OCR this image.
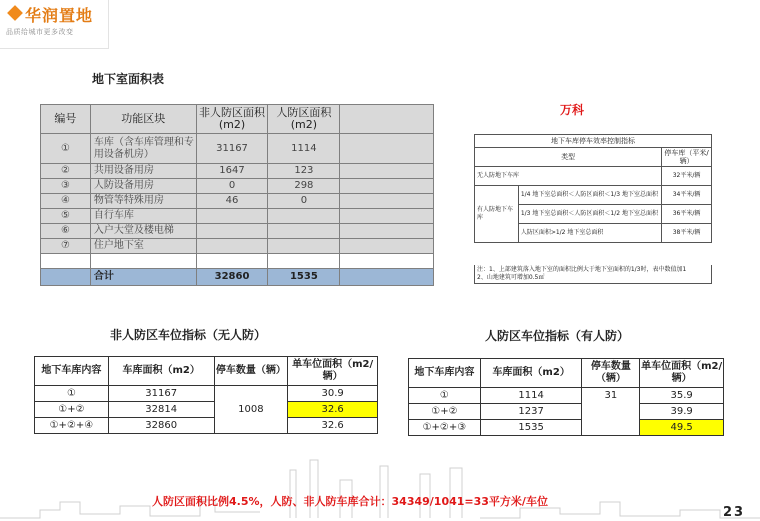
华润置地
品质给城市更多改变
地下室面积表
编号	功能区块	非人防区面积(m2)	人防区面积(m2)	
①	车库（含车库管理和专用设备机房）	31167	1114	
②	共用设备用房	1647	123	
③	人防设备用房	0	298	
④	物管等特殊用房	46	0	
⑤	自行车库			
⑥	入户大堂及楼电梯			
⑦	住户地下室			

	合计	32860	1535	
万科
地下车库停车效率控制指标		
类型		停车库（平米/辆）
无人防地下车库		32平米/辆
有人防地下车库	1/4 地下室总面积＜人防区面积＜1/3 地下室总面积	34平米/辆
	1/3 地下室总面积＜人防区面积＜1/2 地下室总面积	36平米/辆
	人防区面积>1/2 地下室总面积	38平米/辆
注：1、上部建筑落入地下室的面积比例大于地下室面积的1/3时，表中数值加1
2、山地建筑可增加0.5㎡
非人防区车位指标（无人防）	人防区车位指标（有人防）
地下车库内容	车库面积（m2）	停车数量（辆）	单车位面积（m2/辆）
①	31167	1008	30.9
①+②	32814		32.6
①+②+④	32860		32.6
地下车库内容	车库面积（m2）	停车数量（辆）	单车位面积（m2/辆）
①	1114	31	35.9
①+②	1237		39.9
①+②+③	1535		49.5
人防区面积比例4.5%，人防、非人防车库合计：34349/1041=33平方米/车位
23
